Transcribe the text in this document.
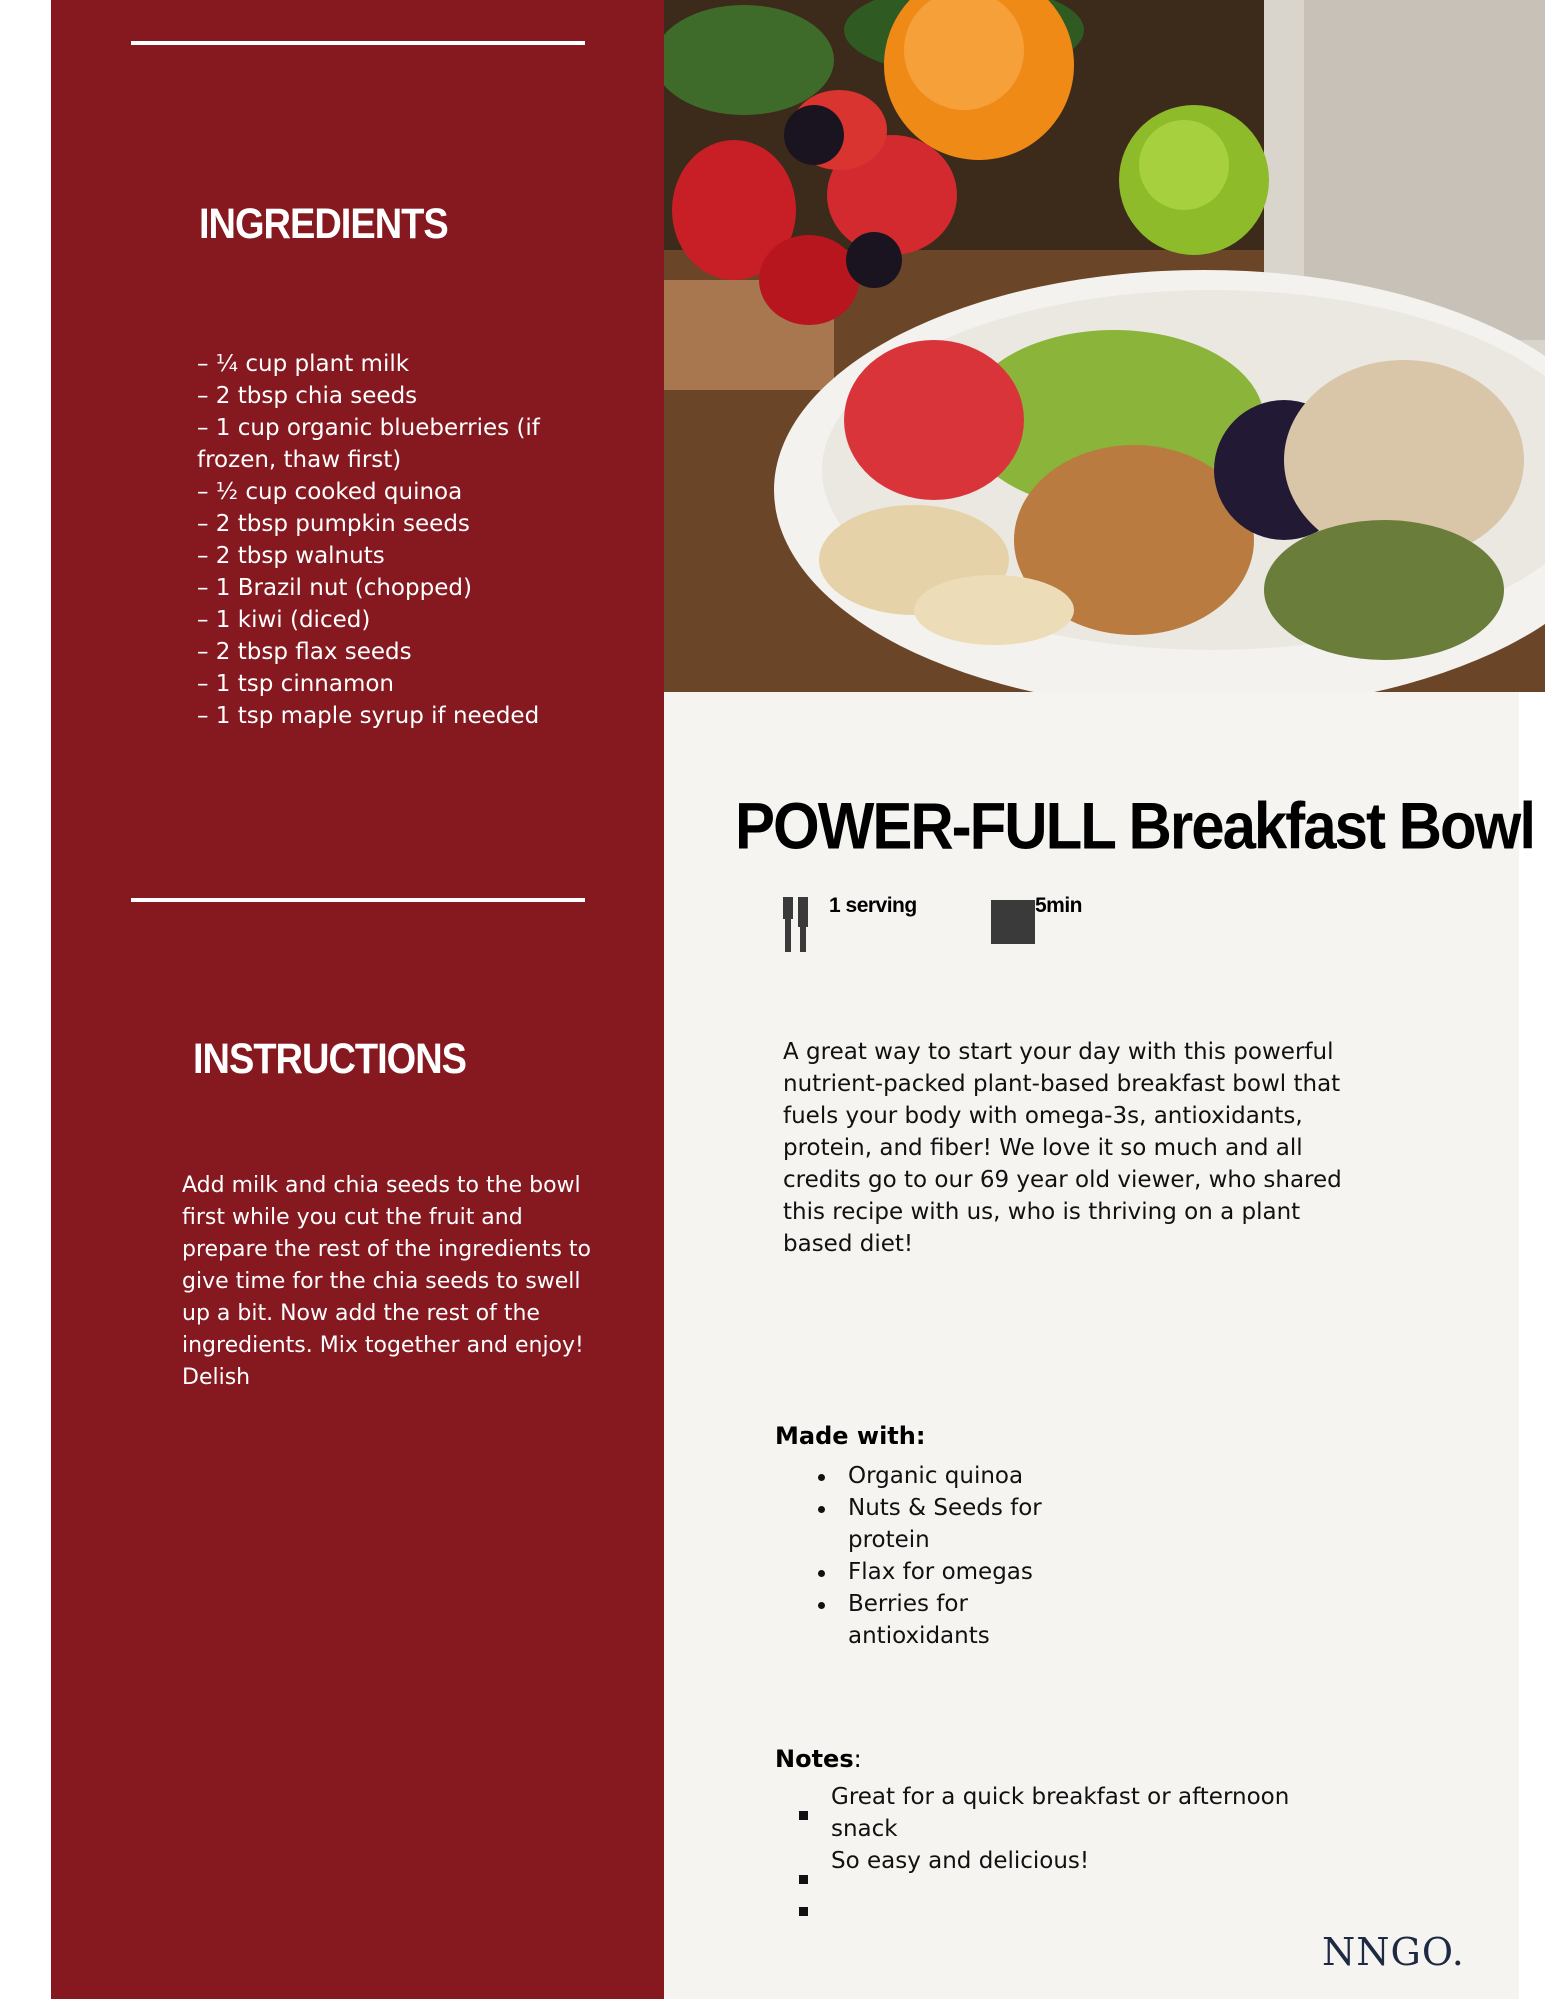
INGREDIENTS
– ¼ cup plant milk
– 2 tbsp chia seeds
– 1 cup organic blueberries (if frozen, thaw first)
– ½ cup cooked quinoa
– 2 tbsp pumpkin seeds
– 2 tbsp walnuts
– 1 Brazil nut (chopped)
– 1 kiwi (diced)
– 2 tbsp flax seeds
– 1 tsp cinnamon
– 1 tsp maple syrup if needed
INSTRUCTIONS

Add milk and chia seeds to the bowl first while you cut the fruit and prepare the rest of the ingredients to give time for the chia seeds to swell up a bit. Now add the rest of the ingredients. Mix together and enjoy! Delish

POWER-FULL Breakfast Bowl
1 serving	5min

A great way to start your day with this powerful nutrient-packed plant-based breakfast bowl that fuels your body with omega-3s, antioxidants, protein, and fiber! We love it so much and all credits go to our 69 year old viewer, who shared this recipe with us, who is thriving on a plant based diet!

Made with:
Organic quinoa
Nuts & Seeds for protein
Flax for omegas
Berries for antioxidants
Notes:
Great for a quick breakfast or afternoon snack
So easy and delicious!
NNGO.
